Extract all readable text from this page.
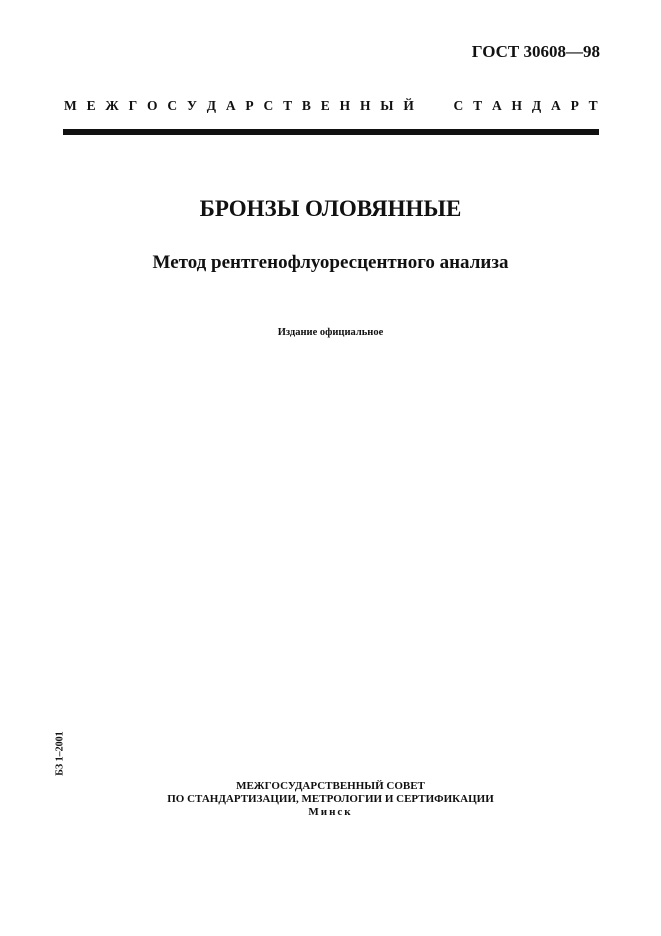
ГОСТ 30608—98
М Е Ж Г О С У Д А Р С Т В Е Н Н Ы Й	С Т А Н Д А Р Т
БРОНЗЫ ОЛОВЯННЫЕ
Метод рентгенофлуоресцентного анализа
Издание официальное
БЗ 1–2001
МЕЖГОСУДАРСТВЕННЫЙ СОВЕТ
ПО СТАНДАРТИЗАЦИИ, МЕТРОЛОГИИ И СЕРТИФИКАЦИИ
Минск
